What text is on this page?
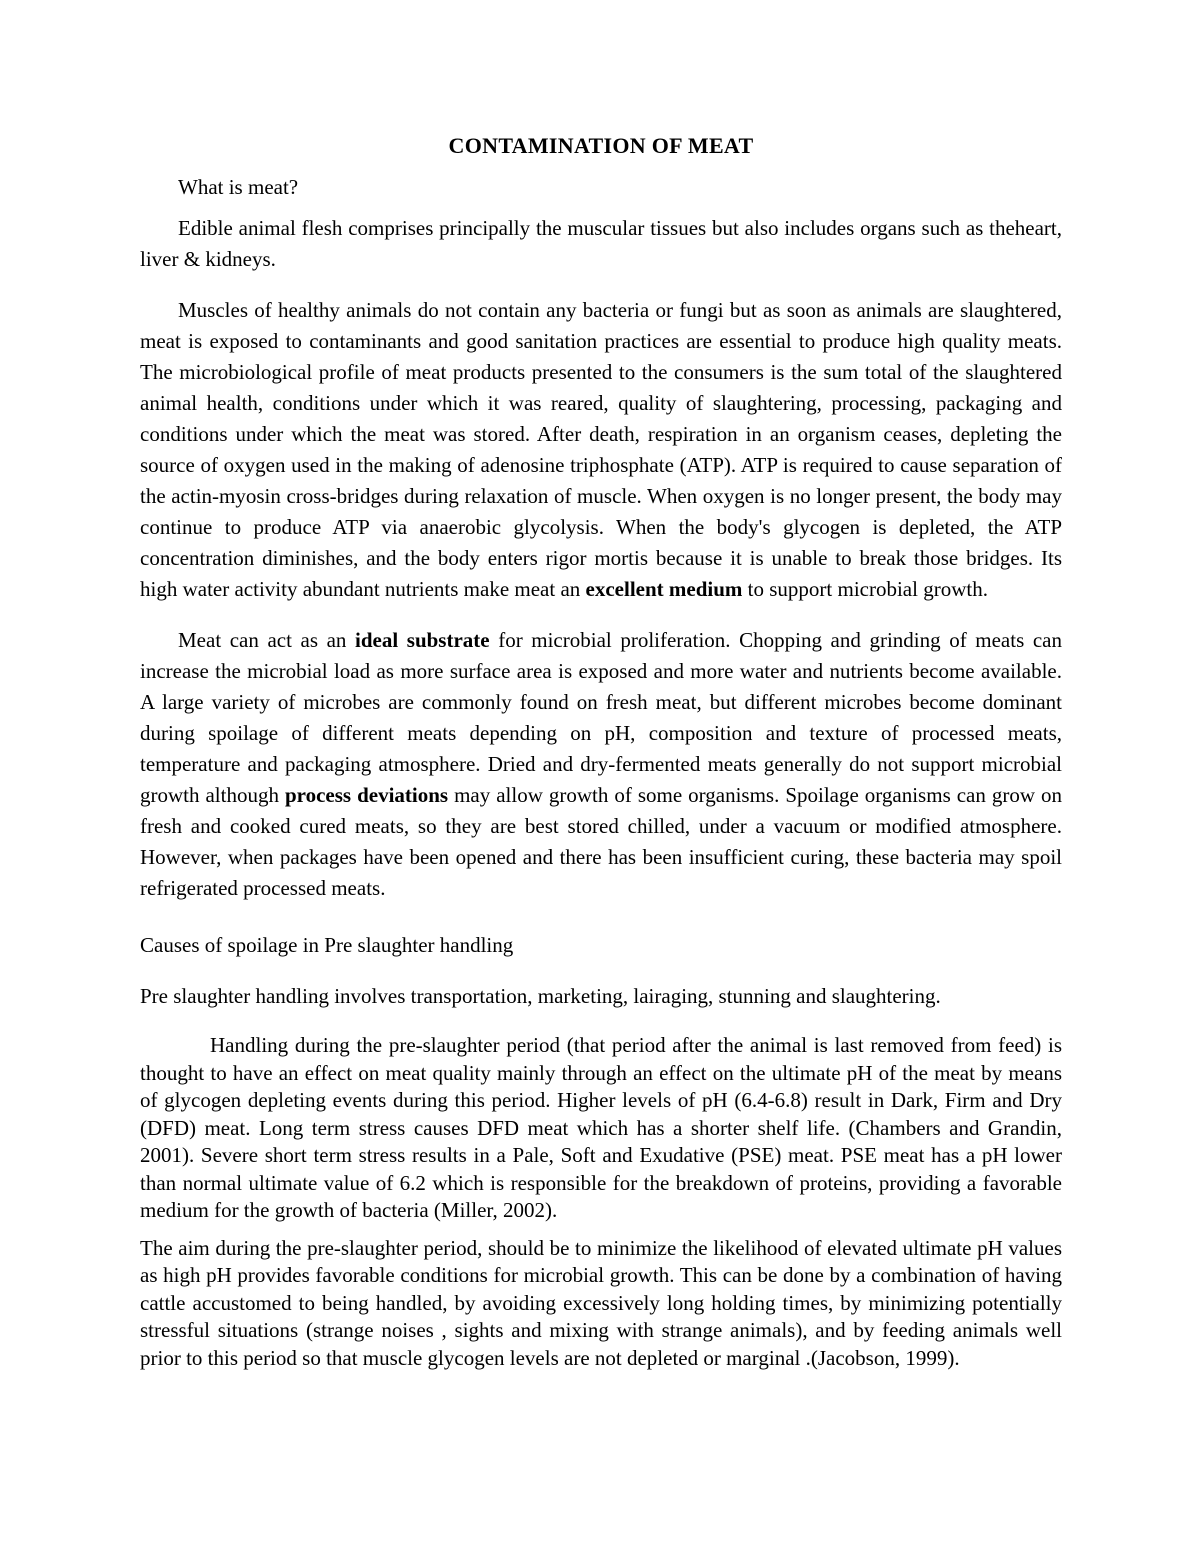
CONTAMINATION OF MEAT

What is meat?

Edible animal flesh comprises principally the muscular tissues but also includes organs such as theheart, liver & kidneys.

Muscles of healthy animals do not contain any bacteria or fungi but as soon as animals are slaughtered, meat is exposed to contaminants and good sanitation practices are essential to produce high quality meats. The microbiological profile of meat products presented to the consumers is the sum total of the slaughtered animal health, conditions under which it was reared, quality of slaughtering, processing, packaging and conditions under which the meat was stored. After death, respiration in an organism ceases, depleting the source of oxygen used in the making of adenosine triphosphate (ATP). ATP is required to cause separation of the actin-myosin cross-bridges during relaxation of muscle. When oxygen is no longer present, the body may continue to produce ATP via anaerobic glycolysis. When the body's glycogen is depleted, the ATP concentration diminishes, and the body enters rigor mortis because it is unable to break those bridges. Its high water activity abundant nutrients make meat an excellent medium to support microbial growth.

Meat can act as an ideal substrate for microbial proliferation. Chopping and grinding of meats can increase the microbial load as more surface area is exposed and more water and nutrients become available. A large variety of microbes are commonly found on fresh meat, but different microbes become dominant during spoilage of different meats depending on pH, composition and texture of processed meats, temperature and packaging atmosphere. Dried and dry-fermented meats generally do not support microbial growth although process deviations may allow growth of some organisms. Spoilage organisms can grow on fresh and cooked cured meats, so they are best stored chilled, under a vacuum or modified atmosphere. However, when packages have been opened and there has been insufficient curing, these bacteria may spoil refrigerated processed meats.

Causes of spoilage in Pre slaughter handling

Pre slaughter handling involves transportation, marketing, lairaging, stunning and slaughtering.

Handling during the pre-slaughter period (that period after the animal is last removed from feed) is thought to have an effect on meat quality mainly through an effect on the ultimate pH of the meat by means of glycogen depleting events during this period. Higher levels of pH (6.4-6.8) result in Dark, Firm and Dry (DFD) meat. Long term stress causes DFD meat which has a shorter shelf life. (Chambers and Grandin, 2001). Severe short term stress results in a Pale, Soft and Exudative (PSE) meat. PSE meat has a pH lower than normal ultimate value of 6.2 which is responsible for the breakdown of proteins, providing a favorable medium for the growth of bacteria (Miller, 2002).

The aim during the pre-slaughter period, should be to minimize the likelihood of elevated ultimate pH values as high pH provides favorable conditions for microbial growth. This can be done by a combination of having cattle accustomed to being handled, by avoiding excessively long holding times, by minimizing potentially stressful situations (strange noises , sights and mixing with strange animals), and by feeding animals well prior to this period so that muscle glycogen levels are not depleted or marginal .(Jacobson, 1999).
